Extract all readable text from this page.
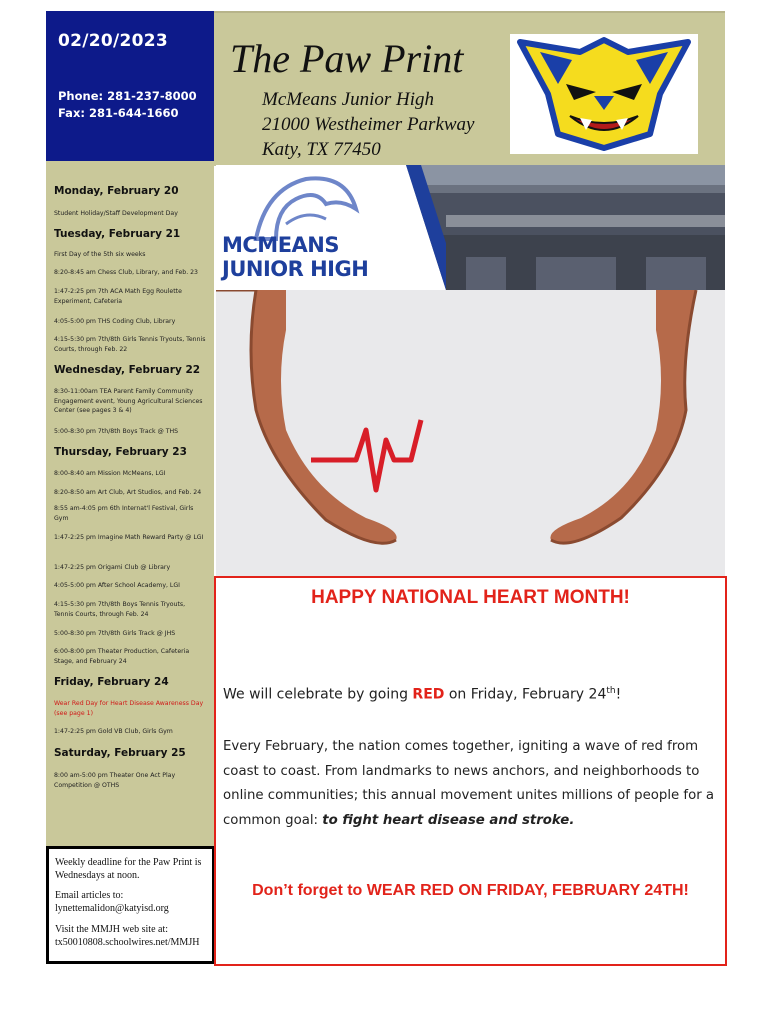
02/20/2023
Phone: 281-237-8000
Fax: 281-644-1660
The Paw Print
McMeans Junior High
21000 Westheimer Parkway
Katy, TX 77450
MCMEANS
JUNIOR HIGH
Monday, February 20
Student Holiday/Staff Development Day
Tuesday, February 21
First Day of the 5th six weeks
8:20-8:45 am Chess Club, Library, and Feb. 23
1:47-2:25 pm 7th ACA Math Egg Roulette Experiment, Cafeteria
4:05-5:00 pm THS Coding Club, Library
4:15-5:30 pm 7th/8th Girls Tennis Tryouts, Tennis Courts, through Feb. 22
Wednesday, February 22
8:30-11:00am TEA Parent Family Community Engagement event, Young Agricultural Sciences Center (see pages 3 & 4)
5:00-8:30 pm 7th/8th Boys Track @ THS
Thursday, February 23
8:00-8:40 am Mission McMeans, LGI
8:20-8:50 am Art Club, Art Studios, and Feb. 24
8:55 am-4:05 pm 6th Internat'l Festival, Girls Gym
1:47-2:25 pm Imagine Math Reward Party @ LGI
1:47-2:25 pm Origami Club @ Library
4:05-5:00 pm After School Academy, LGI
4:15-5:30 pm 7th/8th Boys Tennis Tryouts, Tennis Courts, through Feb. 24
5:00-8:30 pm 7th/8th Girls Track @ JHS
6:00-8:00 pm Theater Production, Cafeteria Stage, and February 24
Friday, February 24
Wear Red Day for Heart Disease Awareness Day (see page 1)
1:47-2:25 pm Gold VB Club, Girls Gym
Saturday, February 25
8:00 am-5:00 pm Theater One Act Play Competition @ OTHS

Weekly deadline for the Paw Print is Wednesdays at noon.

Email articles to: lynettemalidon@katyisd.org

Visit the MMJH web site at: tx50010808.schoolwires.net/MMJH

HAPPY NATIONAL HEART MONTH!
We will celebrate by going RED on Friday, February 24th!
Every February, the nation comes together, igniting a wave of red from coast to coast. From landmarks to news anchors, and neighborhoods to online communities; this annual movement unites millions of people for a common goal: to fight heart disease and stroke.
Don’t forget to WEAR RED ON FRIDAY, FEBRUARY 24TH!
